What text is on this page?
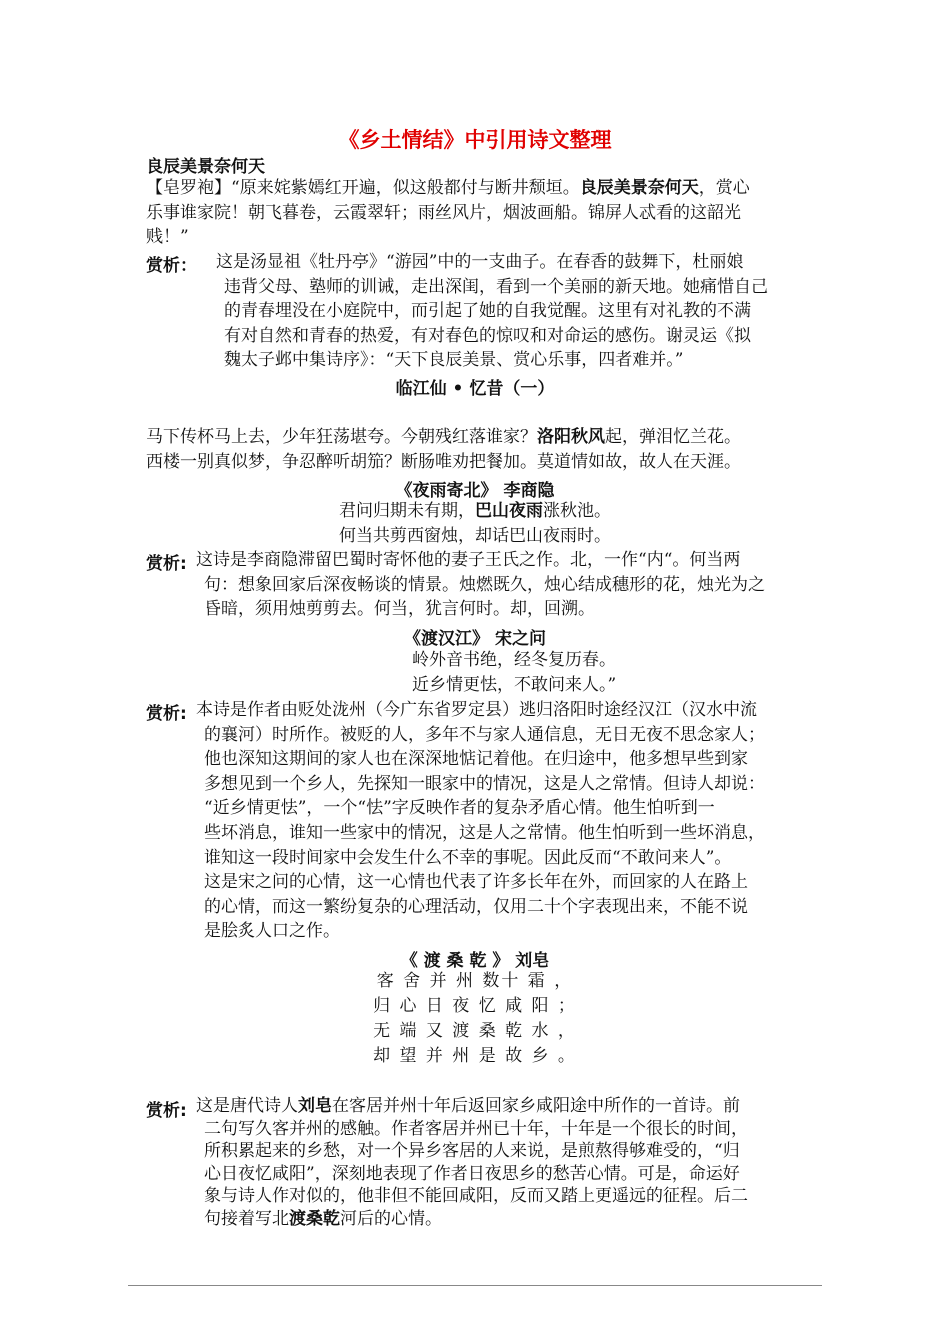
《乡土情结》中引用诗文整理
良辰美景奈何天
【皂罗袍】“原来姹紫嫣红开遍，似这般都付与断井颓垣。良辰美景奈何天，赏心
乐事谁家院！朝飞暮卷，云霞翠轩；雨丝风片，烟波画船。锦屏人忒看的这韶光
贱！”
赏析： 这是汤显祖《牡丹亭》“游园”中的一支曲子。在春香的鼓舞下，杜丽娘
违背父母、塾师的训诫，走出深闺，看到一个美丽的新天地。她痛惜自己
的青春埋没在小庭院中，而引起了她的自我觉醒。这里有对礼教的不满
有对自然和青春的热爱，有对春色的惊叹和对命运的感伤。谢灵运《拟
魏太子邺中集诗序》：“天下良辰美景、赏心乐事，四者难并。”
临江仙 • 忆昔（一）
马下传杯马上去，少年狂荡堪夸。今朝残红落谁家？洛阳秋风起，弹泪忆兰花。
西楼一别真似梦，争忍醉听胡笳？断肠唯劝把餐加。莫道情如故，故人在天涯。
《夜雨寄北》 李商隐
君问归期未有期，巴山夜雨涨秋池。
何当共剪西窗烛，却话巴山夜雨时。
赏析: 这诗是李商隐滞留巴蜀时寄怀他的妻子王氏之作。北，一作“内“。何当两
句：想象回家后深夜畅谈的情景。烛燃既久，烛心结成穗形的花，烛光为之
昏暗，须用烛剪剪去。何当，犹言何时。却，回溯。
《渡汉江》 宋之问
岭外音书绝，经冬复历春。
近乡情更怯，不敢问来人。”
赏析: 本诗是作者由贬处泷州（今广东省罗定县）逃归洛阳时途经汉江（汉水中流
的襄河）时所作。被贬的人，多年不与家人通信息，无日无夜不思念家人；
他也深知这期间的家人也在深深地惦记着他。在归途中，他多想早些到家
多想见到一个乡人，先探知一眼家中的情况，这是人之常情。但诗人却说：
“近乡情更怯”，一个“怯”字反映作者的复杂矛盾心情。他生怕听到一
些坏消息，谁知一些家中的情况，这是人之常情。他生怕听到一些坏消息，
谁知这一段时间家中会发生什么不幸的事呢。因此反而“不敢问来人”。
这是宋之问的心情，这一心情也代表了许多长年在外，而回家的人在路上
的心情，而这一繁纷复杂的心理活动，仅用二十个字表现出来，不能不说
是脍炙人口之作。
《 渡 桑 乾 》 刘皂
客 舍 并 州 数十 霜 ，
归 心 日 夜 忆 咸 阳 ；
无 端 又 渡 桑 乾 水 ，
却 望 并 州 是 故 乡 。
赏析: 这是唐代诗人刘皂在客居并州十年后返回家乡咸阳途中所作的一首诗。前
二句写久客并州的感触。作者客居并州已十年，十年是一个很长的时间，
所积累起来的乡愁，对一个异乡客居的人来说，是煎熬得够难受的，“归
心日夜忆咸阳”，深刻地表现了作者日夜思乡的愁苦心情。可是，命运好
象与诗人作对似的，他非但不能回咸阳，反而又踏上更遥远的征程。后二
句接着写北渡桑乾河后的心情。
